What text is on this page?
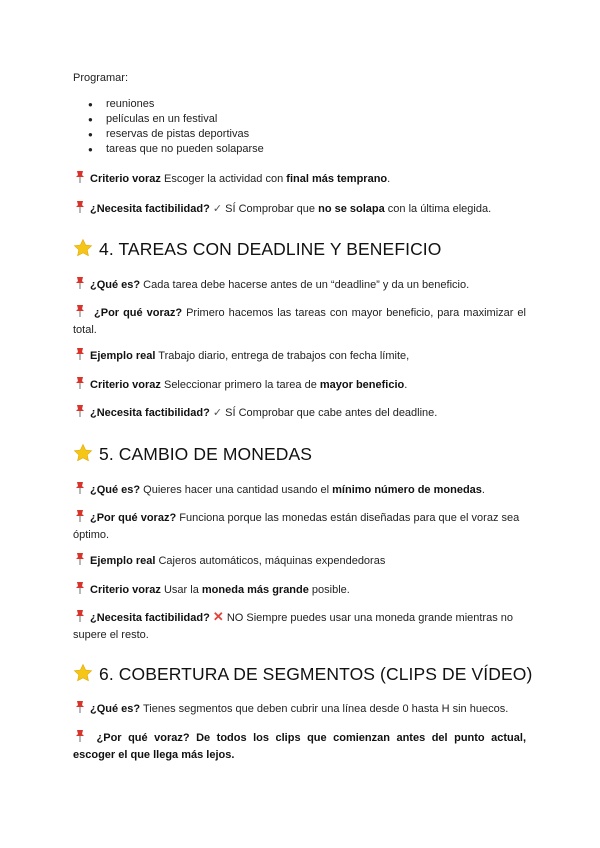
Programar:
● reuniones
● películas en un festival
● reservas de pistas deportivas
● tareas que no pueden solaparse
Criterio voraz Escoger la actividad con final más temprano.
¿Necesita factibilidad? ✓ SÍ Comprobar que no se solapa con la última elegida.
4. TAREAS CON DEADLINE Y BENEFICIO
¿Qué es? Cada tarea debe hacerse antes de un “deadline” y da un beneficio.
¿Por qué voraz? Primero hacemos las tareas con mayor beneficio, para maximizar el total.
Ejemplo real Trabajo diario, entrega de trabajos con fecha límite,
Criterio voraz Seleccionar primero la tarea de mayor beneficio.
¿Necesita factibilidad? ✓ SÍ Comprobar que cabe antes del deadline.
5. CAMBIO DE MONEDAS
¿Qué es? Quieres hacer una cantidad usando el mínimo número de monedas.
¿Por qué voraz? Funciona porque las monedas están diseñadas para que el voraz sea óptimo.
Ejemplo real Cajeros automáticos, máquinas expendedoras
Criterio voraz Usar la moneda más grande posible.
¿Necesita factibilidad? ✕ NO Siempre puedes usar una moneda grande mientras no supere el resto.
6. COBERTURA DE SEGMENTOS (CLIPS DE VÍDEO)
¿Qué es? Tienes segmentos que deben cubrir una línea desde 0 hasta H sin huecos.
¿Por qué voraz? De todos los clips que comienzan antes del punto actual, escoger el que llega más lejos.
